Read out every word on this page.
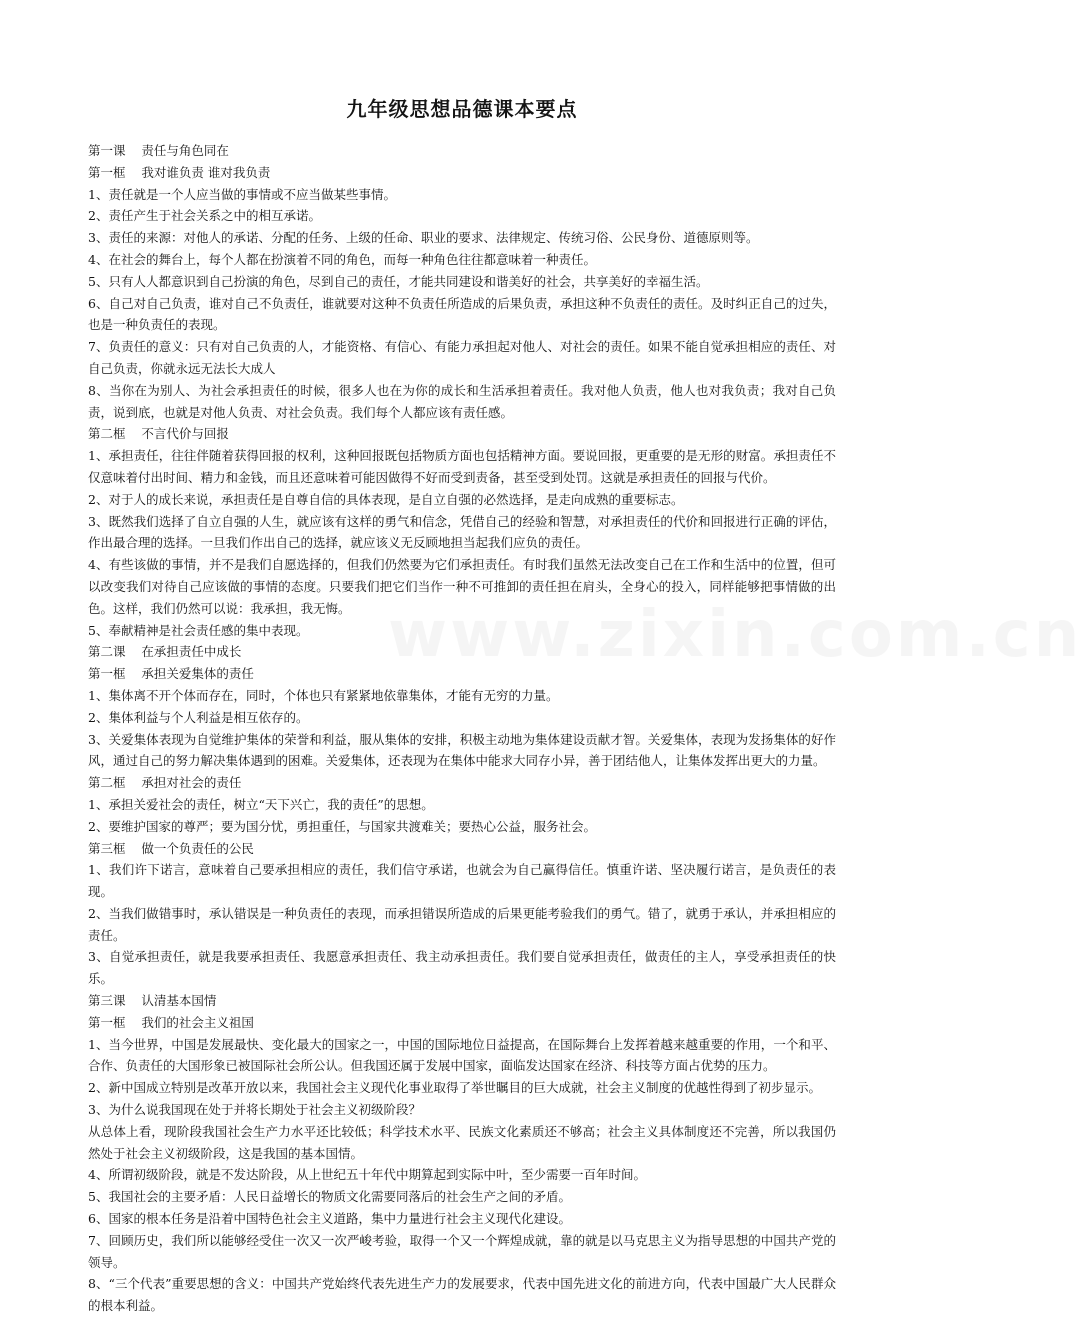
www.zixin.com.cn
九年级思想品德课本要点

第一课    责任与角色同在

第一框    我对谁负责 谁对我负责

1、责任就是一个人应当做的事情或不应当做某些事情。

2、责任产生于社会关系之中的相互承诺。

3、责任的来源：对他人的承诺、分配的任务、上级的任命、职业的要求、法律规定、传统习俗、公民身份、道德原则等。

4、在社会的舞台上，每个人都在扮演着不同的角色，而每一种角色往往都意味着一种责任。

5、只有人人都意识到自己扮演的角色，尽到自己的责任，才能共同建设和谐美好的社会，共享美好的幸福生活。

6、自己对自己负责，谁对自己不负责任，谁就要对这种不负责任所造成的后果负责，承担这种不负责任的责任。及时纠正自己的过失，也是一种负责任的表现。

7、负责任的意义：只有对自己负责的人，才能资格、有信心、有能力承担起对他人、对社会的责任。如果不能自觉承担相应的责任、对自己负责，你就永远无法长大成人

8、当你在为别人、为社会承担责任的时候，很多人也在为你的成长和生活承担着责任。我对他人负责，他人也对我负责；我对自己负责，说到底，也就是对他人负责、对社会负责。我们每个人都应该有责任感。

第二框    不言代价与回报

1、承担责任，往往伴随着获得回报的权利，这种回报既包括物质方面也包括精神方面。要说回报，更重要的是无形的财富。承担责任不仅意味着付出时间、精力和金钱，而且还意味着可能因做得不好而受到责备，甚至受到处罚。这就是承担责任的回报与代价。

2、对于人的成长来说，承担责任是自尊自信的具体表现，是自立自强的必然选择，是走向成熟的重要标志。

3、既然我们选择了自立自强的人生，就应该有这样的勇气和信念，凭借自己的经验和智慧，对承担责任的代价和回报进行正确的评估，作出最合理的选择。一旦我们作出自己的选择，就应该义无反顾地担当起我们应负的责任。

4、有些该做的事情，并不是我们自愿选择的，但我们仍然要为它们承担责任。有时我们虽然无法改变自己在工作和生活中的位置，但可以改变我们对待自己应该做的事情的态度。只要我们把它们当作一种不可推卸的责任担在肩头，全身心的投入，同样能够把事情做的出色。这样，我们仍然可以说：我承担，我无悔。

5、奉献精神是社会责任感的集中表现。

第二课    在承担责任中成长

第一框    承担关爱集体的责任

1、集体离不开个体而存在，同时，个体也只有紧紧地依靠集体，才能有无穷的力量。

2、集体利益与个人利益是相互依存的。

3、关爱集体表现为自觉维护集体的荣誉和利益，服从集体的安排，积极主动地为集体建设贡献才智。关爱集体，表现为发扬集体的好作风，通过自己的努力解决集体遇到的困难。关爱集体，还表现为在集体中能求大同存小异，善于团结他人，让集体发挥出更大的力量。

第二框    承担对社会的责任

1、承担关爱社会的责任，树立“天下兴亡，我的责任”的思想。

2、要维护国家的尊严；要为国分忧，勇担重任，与国家共渡难关；要热心公益，服务社会。

第三框    做一个负责任的公民

1、我们许下诺言，意味着自己要承担相应的责任，我们信守承诺，也就会为自己赢得信任。慎重许诺、坚决履行诺言，是负责任的表现。

2、当我们做错事时，承认错误是一种负责任的表现，而承担错误所造成的后果更能考验我们的勇气。错了，就勇于承认，并承担相应的责任。

3、自觉承担责任，就是我要承担责任、我愿意承担责任、我主动承担责任。我们要自觉承担责任，做责任的主人，享受承担责任的快乐。

第三课    认清基本国情

第一框    我们的社会主义祖国

1、当今世界，中国是发展最快、变化最大的国家之一，中国的国际地位日益提高，在国际舞台上发挥着越来越重要的作用，一个和平、合作、负责任的大国形象已被国际社会所公认。但我国还属于发展中国家，面临发达国家在经济、科技等方面占优势的压力。

2、新中国成立特别是改革开放以来，我国社会主义现代化事业取得了举世瞩目的巨大成就，社会主义制度的优越性得到了初步显示。

3、为什么说我国现在处于并将长期处于社会主义初级阶段？

从总体上看，现阶段我国社会生产力水平还比较低；科学技术水平、民族文化素质还不够高；社会主义具体制度还不完善，所以我国仍然处于社会主义初级阶段，这是我国的基本国情。

4、所谓初级阶段，就是不发达阶段，从上世纪五十年代中期算起到实际中叶，至少需要一百年时间。

5、我国社会的主要矛盾：人民日益增长的物质文化需要同落后的社会生产之间的矛盾。

6、国家的根本任务是沿着中国特色社会主义道路，集中力量进行社会主义现代化建设。

7、回顾历史，我们所以能够经受住一次又一次严峻考验，取得一个又一个辉煌成就，靠的就是以马克思主义为指导思想的中国共产党的领导。

8、“三个代表”重要思想的含义：中国共产党始终代表先进生产力的发展要求，代表中国先进文化的前进方向，代表中国最广大人民群众的根本利益。
